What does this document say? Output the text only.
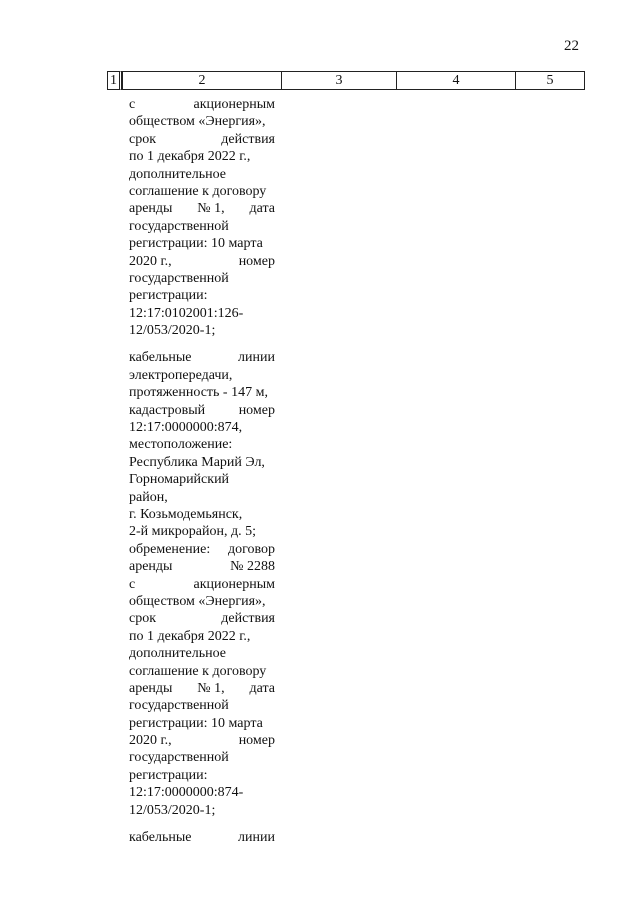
22
1	2	3	4	5
с	акционерным
обществом «Энергия»,
срок	действия
по 1 декабря 2022 г.,
дополнительное
соглашение к договору
аренды № 1, дата
государственной
регистрации: 10 марта
2020 г.,	номер
государственной
регистрации:
12:17:0102001:126-
12/053/2020-1;
кабельные	линии
электропередачи,
протяженность - 147 м,
кадастровый номер
12:17:0000000:874,
местоположение:
Республика Марий Эл,
Горномарийский
район,
г. Козьмодемьянск,
2-й микрорайон, д. 5;
обременение: договор
аренды	№ 2288
с	акционерным
обществом «Энергия»,
срок	действия
по 1 декабря 2022 г.,
дополнительное
соглашение к договору
аренды № 1, дата
государственной
регистрации: 10 марта
2020 г.,	номер
государственной
регистрации:
12:17:0000000:874-
12/053/2020-1;
кабельные	линии
